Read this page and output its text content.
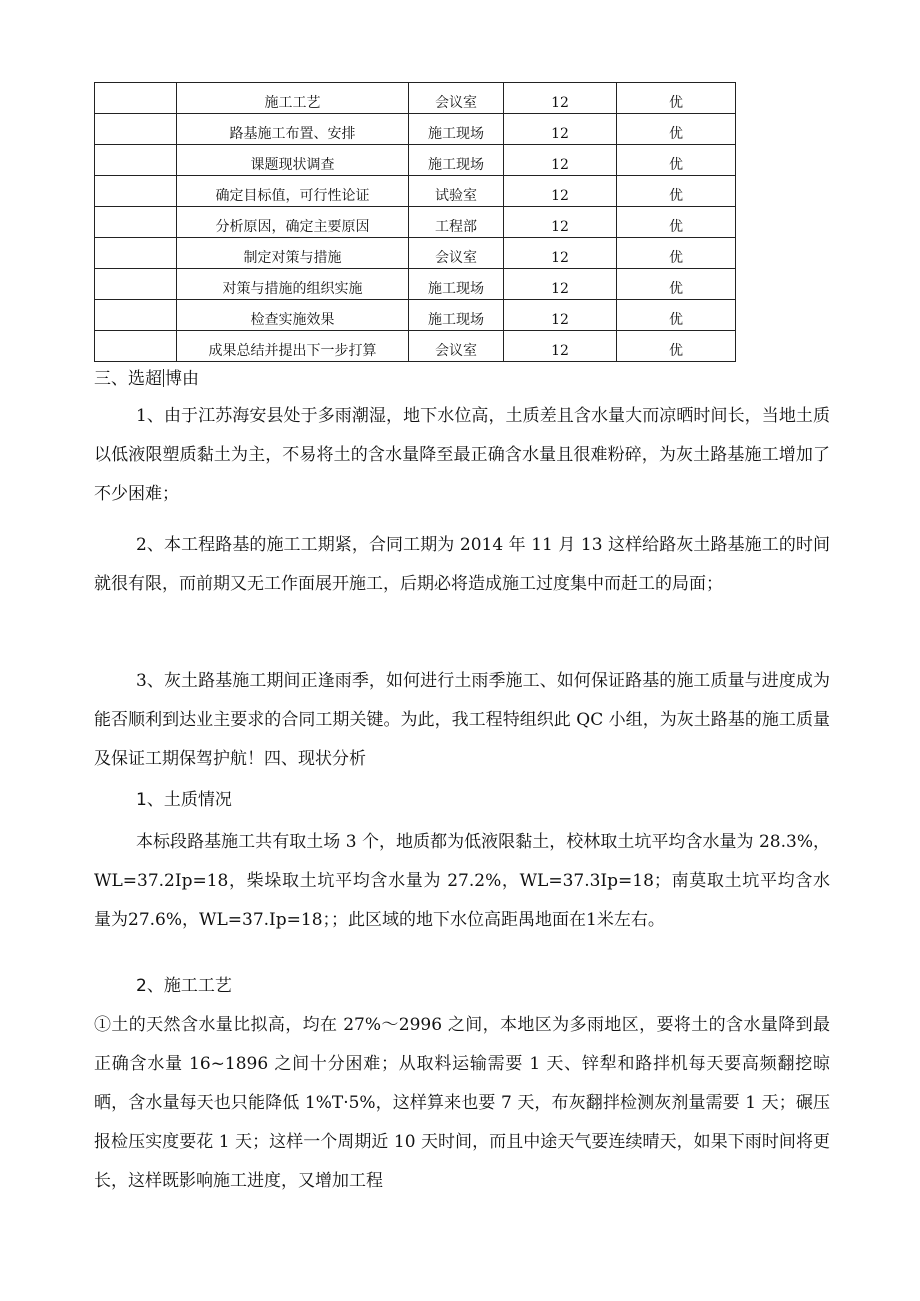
	施工工艺	会议室	12	优
	路基施工布置、安排	施工现场	12	优
	课题现状调查	施工现场	12	优
	确定目标值，可行性论证	试验室	12	优
	分析原因，确定主要原因	工程部	12	优
	制定对策与措施	会议室	12	优
	对策与措施的组织实施	施工现场	12	优
	检查实施效果	施工现场	12	优
	成果总结并提出下一步打算	会议室	12	优

三、选超 博由

1、由于江苏海安县处于多雨潮湿，地下水位高，土质差且含水量大而凉晒时间长，当地土质以低液限塑质黏土为主，不易将土的含水量降至最正确含水量且很难粉碎，为灰土路基施工增加了不少困难；

2、本工程路基的施工工期紧，合同工期为 2014 年 11 月 13 这样给路灰土路基施工的时间就很有限，而前期又无工作面展开施工，后期必将造成施工过度集中而赶工的局面；

3、灰土路基施工期间正逢雨季，如何进行土雨季施工、如何保证路基的施工质量与进度成为能否顺利到达业主要求的合同工期关键。为此，我工程特组织此 QC 小组，为灰土路基的施工质量及保证工期保驾护航！四、现状分析

1、土质情况

本标段路基施工共有取土场 3 个，地质都为低液限黏土，校林取土坑平均含水量为 28.3%，WL=37.2Ip=18，柴垛取土坑平均含水量为 27.2%，WL=37.3Ip=18；南莫取土坑平均含水量为27.6%，WL=37.Ip=18；；此区域的地下水位高距禺地面在1米左右。

2、施工工艺

①土的天然含水量比拟高，均在 27%～2996 之间，本地区为多雨地区，要将土的含水量降到最正确含水量 16~1896 之间十分困难；从取料运输需要 1 天、锌犁和路拌机每天要高频翻挖晾晒，含水量每天也只能降低 1%T·5%，这样算来也要 7 天，布灰翻拌检测灰剂量需要 1 天；碾压报检压实度要花 1 天；这样一个周期近 10 天时间，而且中途天气要连续晴天，如果下雨时间将更长，这样既影响施工进度，又增加工程
